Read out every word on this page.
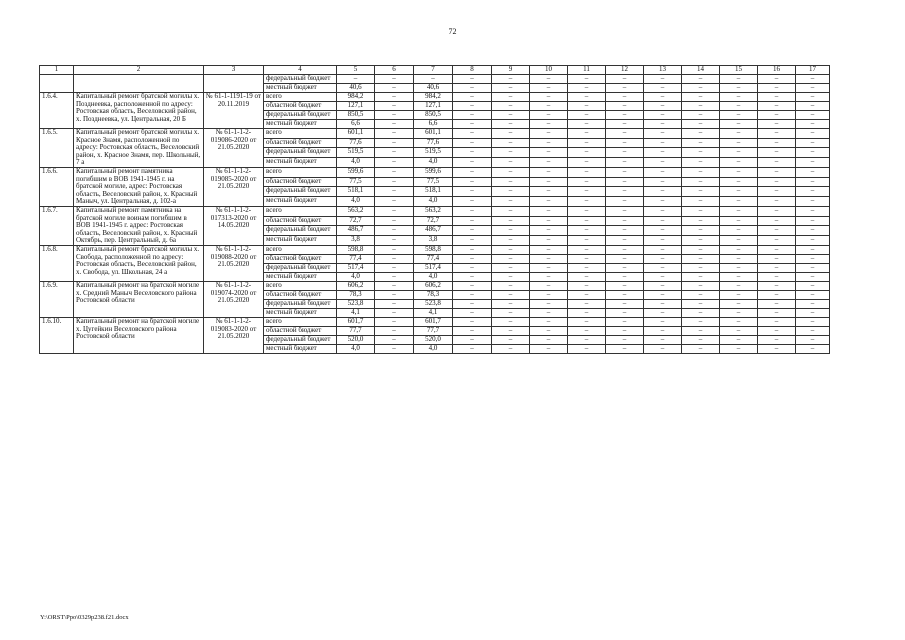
72
1	2	3	4	5	6	7	8	9	10	11	12	13	14	15	16	17
			федеральный бюджет	–	–	–	–	–	–	–	–	–	–	–	–	–
			местный бюджет	40,6	–	40,6	–	–	–	–	–	–	–	–	–	–
1.6.4.	Капитальный ремонт братской могилы х. Позднеевка, расположенной по адресу: Ростовская область, Веселовский район, х. Позднеевка, ул. Центральная, 20 Б	№ 61-1-1191-19 от 20.11.2019	всего	984,2	–	984,2	–	–	–	–	–	–	–	–	–	–
			областной бюджет	127,1	–	127,1	–	–	–	–	–	–	–	–	–	–
			федеральный бюджет	850,5	–	850,5	–	–	–	–	–	–	–	–	–	–
			местный бюджет	6,6	–	6,6	–	–	–	–	–	–	–	–	–	–
1.6.5.	Капитальный ремонт братской могилы х. Красное Знамя, расположенной по адресу: Ростовская область, Веселовский район, х. Красное Знамя, пер. Школьный, 7 а	№ 61-1-1-2-019086-2020 от 21.05.2020	всего	601,1	–	601,1	–	–	–	–	–	–	–	–	–	–
			областной бюджет	77,6	–	77,6	–	–	–	–	–	–	–	–	–	–
			федеральный бюджет	519,5	–	519,5	–	–	–	–	–	–	–	–	–	–
			местный бюджет	4,0	–	4,0	–	–	–	–	–	–	–	–	–	–
1.6.6.	Капитальный ремонт памятника погибшим в ВОВ 1941-1945 г. на братской могиле, адрес: Ростовская область, Веселовский район, х. Красный Маныч, ул. Центральная, д. 102-а	№ 61-1-1-2-019085-2020 от 21.05.2020	всего	599,6	–	599,6	–	–	–	–	–	–	–	–	–	–
			областной бюджет	77,5	–	77,5	–	–	–	–	–	–	–	–	–	–
			федеральный бюджет	518,1	–	518,1	–	–	–	–	–	–	–	–	–	–
			местный бюджет	4,0	–	4,0	–	–	–	–	–	–	–	–	–	–
1.6.7.	Капитальный ремонт памятника на братской могиле воинам погибшим в ВОВ 1941-1945 г. адрес: Ростовская область, Веселовский район, х. Красный Октябрь, пер. Центральный, д. 6а	№ 61-1-1-2-017313-2020 от 14.05.2020	всего	563,2	–	563,2	–	–	–	–	–	–	–	–	–	–
			областной бюджет	72,7	–	72,7	–	–	–	–	–	–	–	–	–	–
			федеральный бюджет	486,7	–	486,7	–	–	–	–	–	–	–	–	–	–
			местный бюджет	3,8	–	3,8	–	–	–	–	–	–	–	–	–	–
1.6.8.	Капитальный ремонт братской могилы х. Свобода, расположенной по адресу: Ростовская область, Веселовский район, х. Свобода, ул. Школьная, 24 а	№ 61-1-1-2-019088-2020 от 21.05.2020	всего	598,8	–	598,8	–	–	–	–	–	–	–	–	–	–
			областной бюджет	77,4	–	77,4	–	–	–	–	–	–	–	–	–	–
			федеральный бюджет	517,4	–	517,4	–	–	–	–	–	–	–	–	–	–
			местный бюджет	4,0	–	4,0	–	–	–	–	–	–	–	–	–	–
1.6.9.	Капитальный ремонт на братской могиле х. Средний Маныч Веселовского района Ростовской области	№ 61-1-1-2-019074-2020 от 21.05.2020	всего	606,2	–	606,2	–	–	–	–	–	–	–	–	–	–
			областной бюджет	78,3	–	78,3	–	–	–	–	–	–	–	–	–	–
			федеральный бюджет	523,8	–	523,8	–	–	–	–	–	–	–	–	–	–
			местный бюджет	4,1	–	4,1	–	–	–	–	–	–	–	–	–	–
1.6.10.	Капитальный ремонт на братской могиле х. Цугейкин Веселовского района Ростовской области	№ 61-1-1-2-019083-2020 от 21.05.2020	всего	601,7	–	601,7	–	–	–	–	–	–	–	–	–	–
			областной бюджет	77,7	–	77,7	–	–	–	–	–	–	–	–	–	–
			федеральный бюджет	520,0	–	520,0	–	–	–	–	–	–	–	–	–	–
			местный бюджет	4,0	–	4,0	–	–	–	–	–	–	–	–	–	–
Y:\ORST\Ppo\0329p238.f21.docx
